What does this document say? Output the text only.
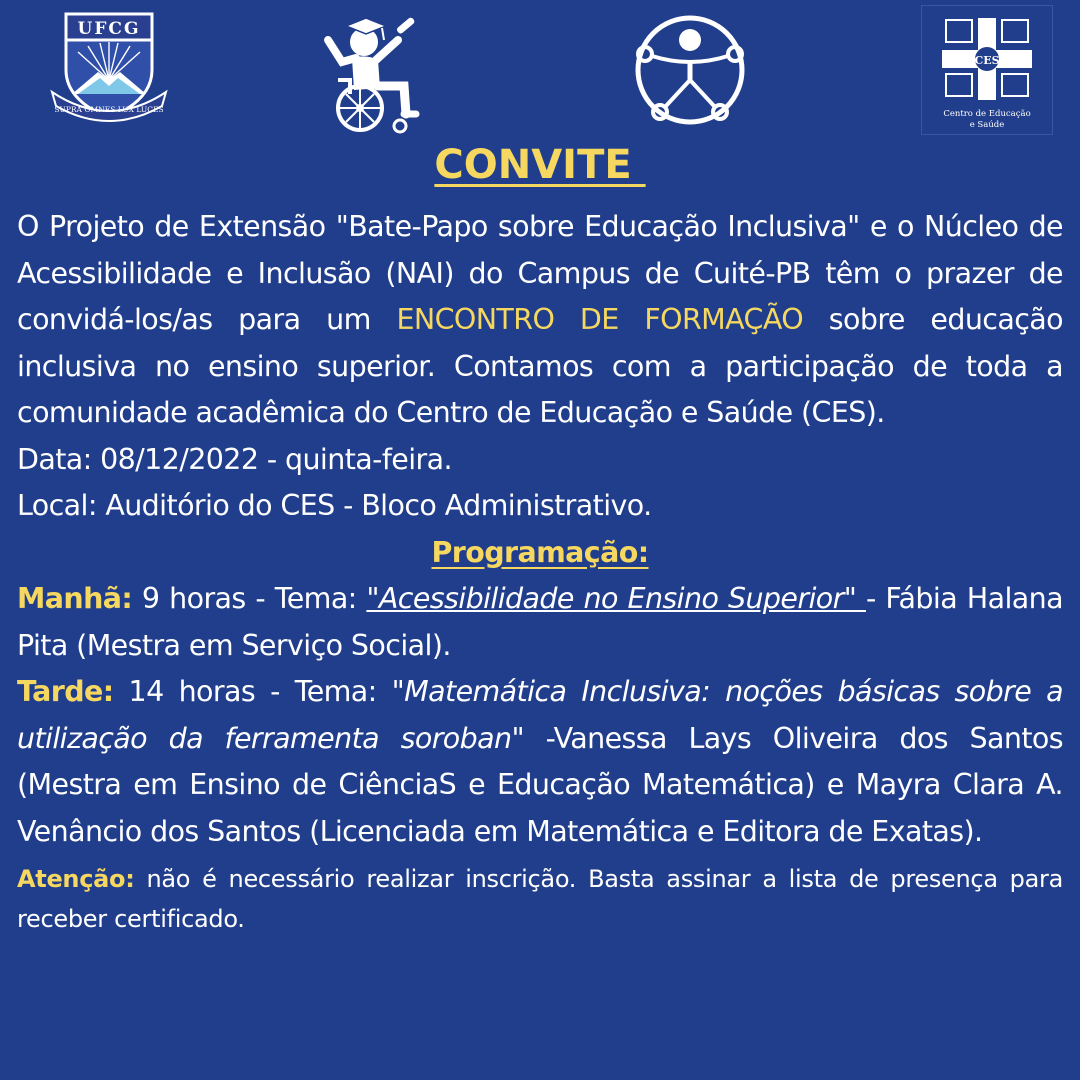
UFCG
SUPRA OMNES LUX LUCES
CES
Centro de Educação
e Saúde
CONVITE

O Projeto de Extensão "Bate-Papo sobre Educação Inclusiva" e o Núcleo de Acessibilidade e Inclusão (NAI) do Campus de Cuité-PB têm o prazer de convidá-los/as para um ENCONTRO DE FORMAÇÃO sobre educação inclusiva no ensino superior. Contamos com a participação de toda a comunidade acadêmica do Centro de Educação e Saúde (CES).

Data: 08/12/2022 - quinta-feira.

Local: Auditório do CES - Bloco Administrativo.

Programação:

Manhã: 9 horas - Tema: "Acessibilidade no Ensino Superior" - Fábia Halana Pita (Mestra em Serviço Social).

Tarde: 14 horas - Tema: "Matemática Inclusiva: noções básicas sobre a utilização da ferramenta soroban" -Vanessa Lays Oliveira dos Santos (Mestra em Ensino de CiênciaS e Educação Matemática) e Mayra Clara A. Venâncio dos Santos (Licenciada em Matemática e Editora de Exatas).

Atenção: não é necessário realizar inscrição. Basta assinar a lista de presença para receber certificado.
